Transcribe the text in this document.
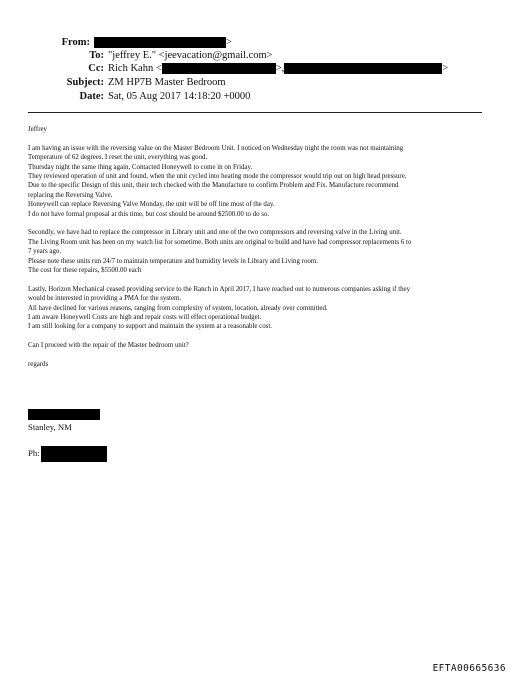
From:	>
To: "jeffrey E." <jeevacation@gmail.com>
Cc: Rich Kahn <	>,	>
Subject: ZM HP7B Master Bedroom
Date: Sat, 05 Aug 2017 14:18:20 +0000

Jeffrey

I am having an issue with the reversing value on the Master Bedroom Unit. I noticed on Wednesday night the room was not maintaining

Temperature of 62 degrees. I reset the unit, everything was good.

Thursday night the same thing again, Contacted Honeywell to come in on Friday.

They reviewed operation of unit and found, when the unit cycled into heating mode the compressor would trip out on high head pressure.

Due to the specific Design of this unit, their tech checked with the Manufacture to confirm Problem and Fix. Manufacture recommend

replacing the Reversing Valve.

Honeywell can replace Reversing Valve Monday, the unit will be off line most of the day.

I do not have formal proposal at this time, but cost should be around $2500.00 to do so.

Secondly, we have had to replace the compressor in Library unit and one of the two compressors and reversing valve in the Living unit.

The Living Room unit has been on my watch list for sometime. Both units are original to build and have had compressor replacements 6 to

7 years ago.

Please note these units run 24/7 to maintain temperature and humidity levels in Library and Living room.

The cost for these repairs, $5500.00 each

Lastly, Horizon Mechanical ceased providing service to the Ranch in April 2017, I have reached out to numerous companies asking if they

would be interested in providing a PMA for the system.

All have declined for various reasons, ranging from complexity of system, location, already over committed.

I am aware Honeywell Costs are high and repair costs will effect operational budget.

I am still looking for a company to support and maintain the system at a reasonable cost.

Can I proceed with the repair of the Master bedroom unit?

regards

Stanley, NM
Ph:
EFTA00665636
